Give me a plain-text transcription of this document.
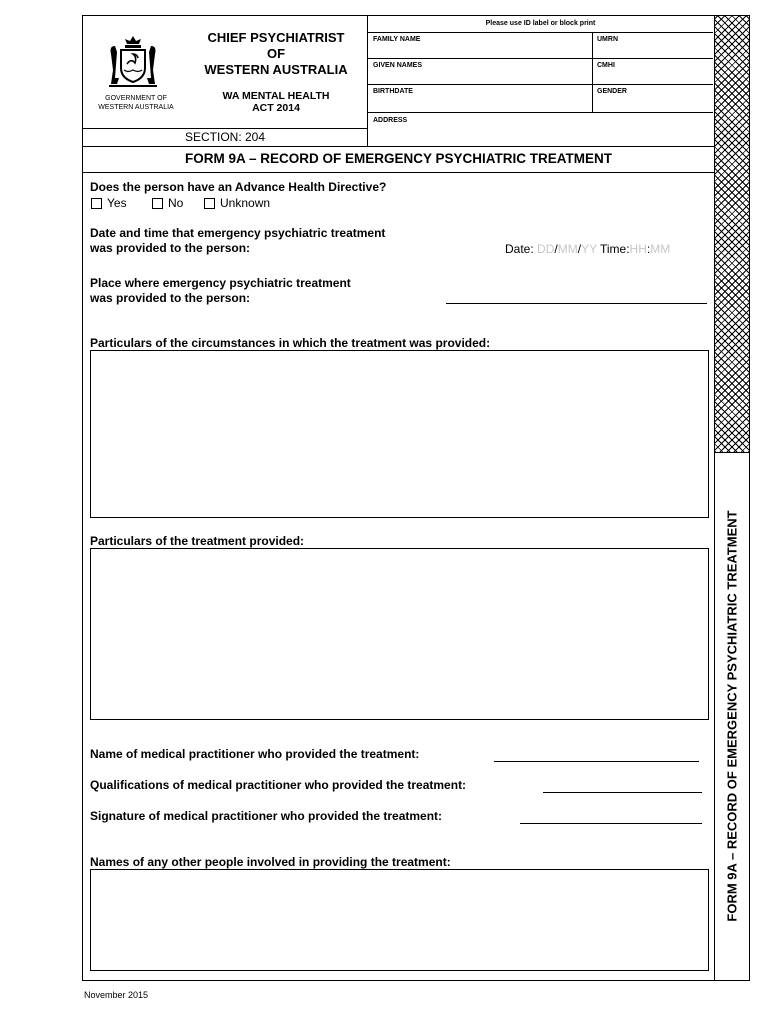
GOVERNMENT OF
WESTERN AUSTRALIA
CHIEF PSYCHIATRIST
OF
WESTERN AUSTRALIA
WA MENTAL HEALTH
ACT 2014
SECTION: 204
Please use ID label or block print
FAMILY NAME	UMRN
GIVEN NAMES	CMHI
BIRTHDATE	GENDER
ADDRESS
FORM 9A – RECORD OF EMERGENCY PSYCHIATRIC TREATMENT
FORM 9A – RECORD OF EMERGENCY PSYCHIATRIC TREATMENT
Does the person have an Advance Health Directive?
Yes	No	Unknown
Date and time that emergency psychiatric treatment
was provided to the person:	Date: DD/MM/YY Time:HH:MM
Place where emergency psychiatric treatment
was provided to the person:
Particulars of the circumstances in which the treatment was provided:
Particulars of the treatment provided:
Name of medical practitioner who provided the treatment:
Qualifications of medical practitioner who provided the treatment:
Signature of medical practitioner who provided the treatment:
Names of any other people involved in providing the treatment:
November 2015
